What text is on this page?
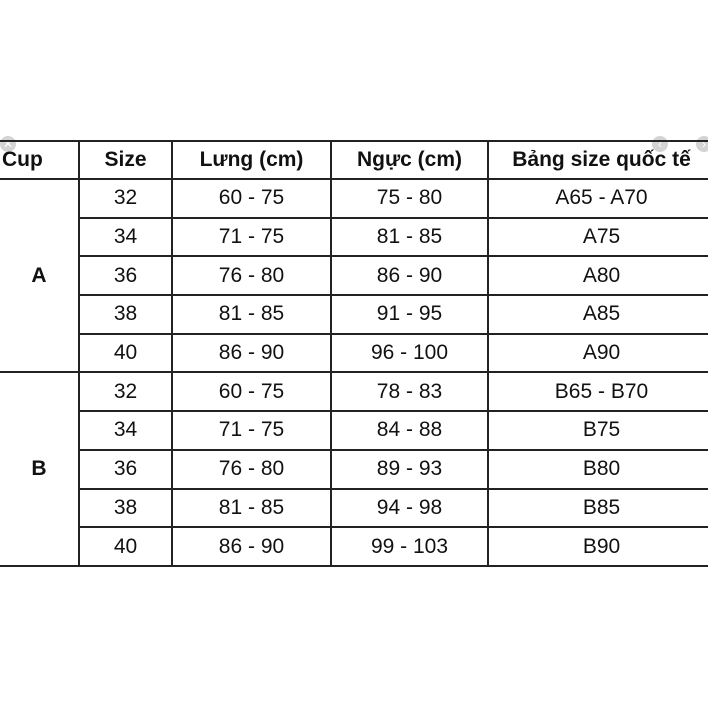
✕	‹	›
Cup	Size	Lưng (cm)	Ngực (cm)	Bảng size quốc tế
A	32	60 - 75	75 - 80	A65 - A70
	34	71 - 75	81 - 85	A75
	36	76 - 80	86 - 90	A80
	38	81 - 85	91 - 95	A85
	40	86 - 90	96 - 100	A90
B	32	60 - 75	78 - 83	B65 - B70
	34	71 - 75	84 - 88	B75
	36	76 - 80	89 - 93	B80
	38	81 - 85	94 - 98	B85
	40	86 - 90	99 - 103	B90
